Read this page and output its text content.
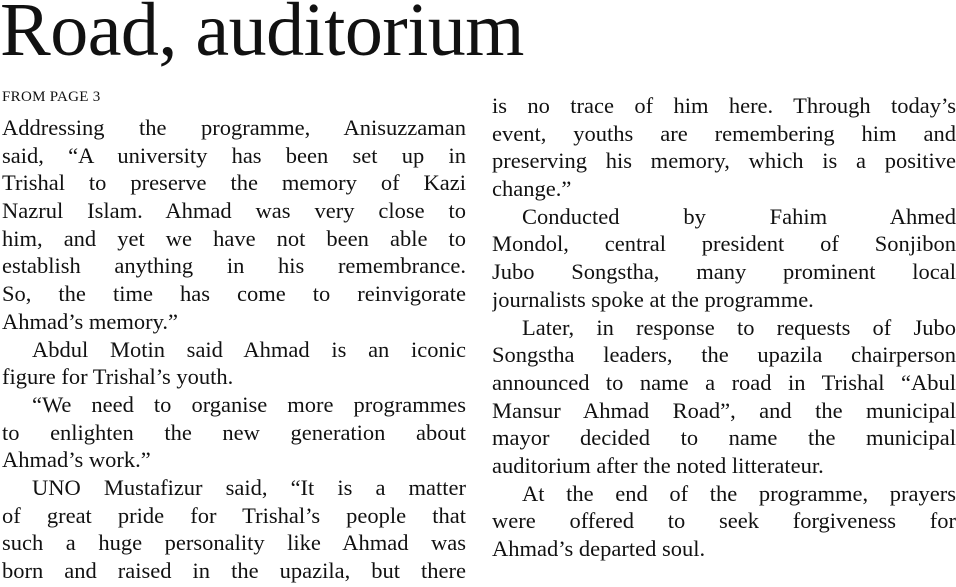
Road, auditorium
FROM PAGE 3
Addressing the programme, Anisuzzaman
said, “A university has been set up in
Trishal to preserve the memory of Kazi
Nazrul Islam. Ahmad was very close to
him, and yet we have not been able to
establish anything in his remembrance.
So, the time has come to reinvigorate
Ahmad’s memory.”
Abdul Motin said Ahmad is an iconic
figure for Trishal’s youth.
“We need to organise more programmes
to enlighten the new generation about
Ahmad’s work.”
UNO Mustafizur said, “It is a matter
of great pride for Trishal’s people that
such a huge personality like Ahmad was
born and raised in the upazila, but there
is no trace of him here. Through today’s
event, youths are remembering him and
preserving his memory, which is a positive
change.”
Conducted by Fahim Ahmed
Mondol, central president of Sonjibon
Jubo Songstha, many prominent local
journalists spoke at the programme.
Later, in response to requests of Jubo
Songstha leaders, the upazila chairperson
announced to name a road in Trishal “Abul
Mansur Ahmad Road”, and the municipal
mayor decided to name the municipal
auditorium after the noted litterateur.
At the end of the programme, prayers
were offered to seek forgiveness for
Ahmad’s departed soul.
